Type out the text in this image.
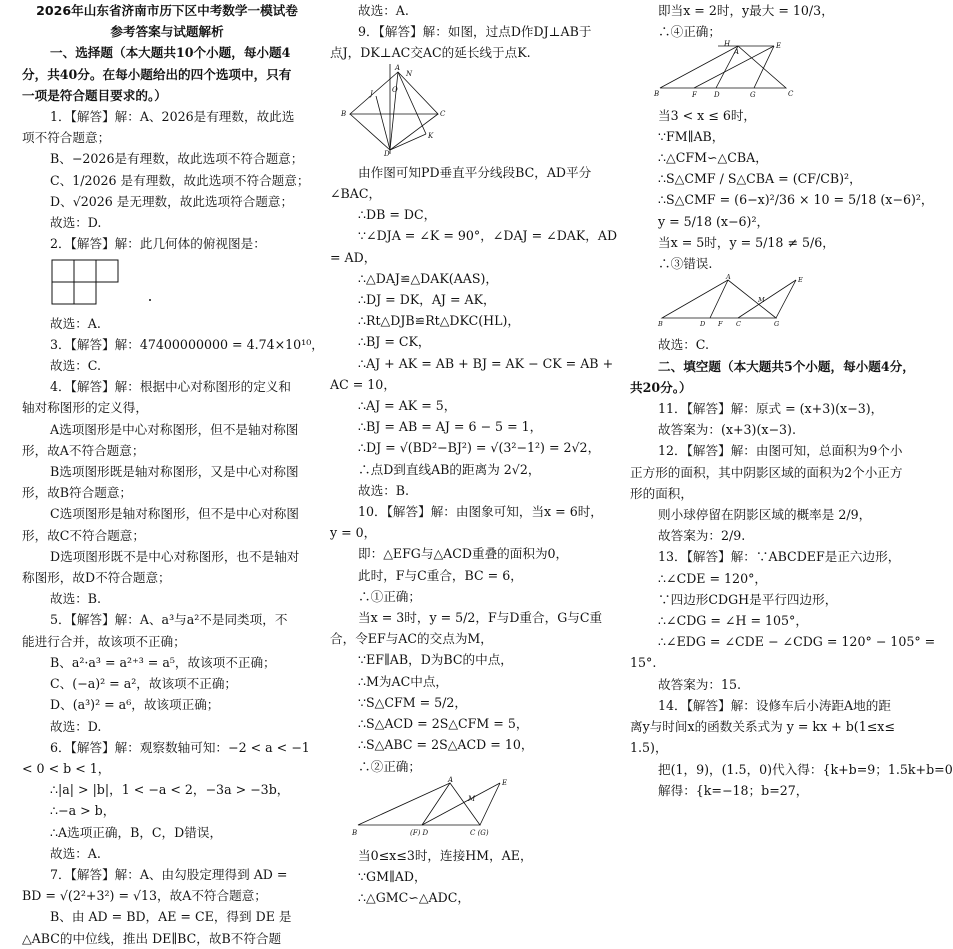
2026年山东省济南市历下区中考数学一模试卷
参考答案与试题解析
一、选择题（本大题共10个小题，每小题4
分，共40分。在每小题给出的四个选项中，只有
一项是符合题目要求的。）
1．【解答】解：A、2026是有理数，故此选
项不符合题意；
B、−2026是有理数，故此选项不符合题意；
C、1/2026 是有理数，故此选项不符合题意；
D、√2026 是无理数，故此选项符合题意；
故选：D.
2．【解答】解：此几何体的俯视图是：
故选：A.
3．【解答】解：47400000000 = 4.74×10¹⁰，
故选：C.
4．【解答】解：根据中心对称图形的定义和
轴对称图形的定义得，
A选项图形是中心对称图形，但不是轴对称图
形，故A不符合题意；
B选项图形既是轴对称图形，又是中心对称图
形，故B符合题意；
C选项图形是轴对称图形，但不是中心对称图
形，故C不符合题意；
D选项图形既不是中心对称图形，也不是轴对
称图形，故D不符合题意；
故选：B.
5．【解答】解：A、a³与a²不是同类项，不
能进行合并，故该项不正确；
B、a²·a³ = a²⁺³ = a⁵，故该项不正确；
C、(−a)² = a²，故该项不正确；
D、(a³)² = a⁶，故该项正确；
故选：D.
6．【解答】解：观察数轴可知：−2 < a < −1
< 0 < b < 1，
∴|a| > |b|，1 < −a < 2，−3a > −3b，
∴−a > b，
∴A选项正确，B，C，D错误，
故选：A.
7．【解答】解：A、由勾股定理得到 AD =
BD = √(2²+3²) = √13，故A不符合题意；
B、由 AD = BD，AE = CE，得到 DE 是
△ABC的中位线，推出 DE∥BC，故B不符合题
故选：A.
9．【解答】解：如图，过点D作DJ⊥AB于
点J，DK⊥AC交AC的延长线于点K.
B	C
A
D
K
J
N
O
由作图可知PD垂直平分线段BC，AD平分
∠BAC，
∴DB = DC，
∵∠DJA = ∠K = 90°，∠DAJ = ∠DAK，AD
= AD，
∴△DAJ≌△DAK(AAS)，
∴DJ = DK，AJ = AK，
∴Rt△DJB≌Rt△DKC(HL)，
∴BJ = CK，
∴AJ + AK = AB + BJ = AK − CK = AB +
AC = 10，
∴AJ = AK = 5，
∴BJ = AB = AJ = 6 − 5 = 1，
∴DJ = √(BD²−BJ²) = √(3²−1²) = 2√2，
∴点D到直线AB的距离为 2√2，
故选：B.
10．【解答】解：由图象可知，当x = 6时，
y = 0，
即：△EFG与△ACD重叠的面积为0，
此时，F与C重合，BC = 6，
∴①正确；
当x = 3时，y = 5/2，F与D重合，G与C重
合，令EF与AC的交点为M，
∵EF∥AB，D为BC的中点，
∴M为AC中点，
∵S△CFM = 5/2，
∴S△ACD = 2S△CFM = 5，
∴S△ABC = 2S△ACD = 10，
∴②正确；
B
A	E
(F) D	C (G)
M
当0≤x≤3时，连接HM，AE，
∵GM∥AD，
∴△GMC∽△ADC，
即当x = 2时，y最大 = 10/3，
∴④正确；
B
H
A
E
F D	G	C
当3 < x ≤ 6时，
∵FM∥AB，
∴△CFM∽△CBA，
∴S△CMF / S△CBA = (CF/CB)²，
∴S△CMF = (6−x)²/36 × 10 = 5/18 (x−6)²，
y = 5/18 (x−6)²，
当x = 5时，y = 5/18 ≠ 5/6，
∴③错误.
B
A	E
D F C
M
G
故选：C.
二、填空题（本大题共5个小题，每小题4分，
共20分。）
11．【解答】解：原式 = (x+3)(x−3)，
故答案为：(x+3)(x−3).
12．【解答】解：由图可知，总面积为9个小
正方形的面积，其中阴影区域的面积为2个小正方
形的面积，
则小球停留在阴影区域的概率是 2/9，
故答案为：2/9.
13．【解答】解：∵ABCDEF是正六边形，
∴∠CDE = 120°，
∵四边形CDGH是平行四边形，
∴∠CDG = ∠H = 105°，
∴∠EDG = ∠CDE − ∠CDG = 120° − 105° =
15°.
故答案为：15.
14．【解答】解：设修车后小涛距A地的距
离y与时间x的函数关系式为 y = kx + b(1≤x≤
1.5)，
把(1，9)，(1.5，0)代入得：{k+b=9；1.5k+b=0
解得：{k=−18；b=27，
